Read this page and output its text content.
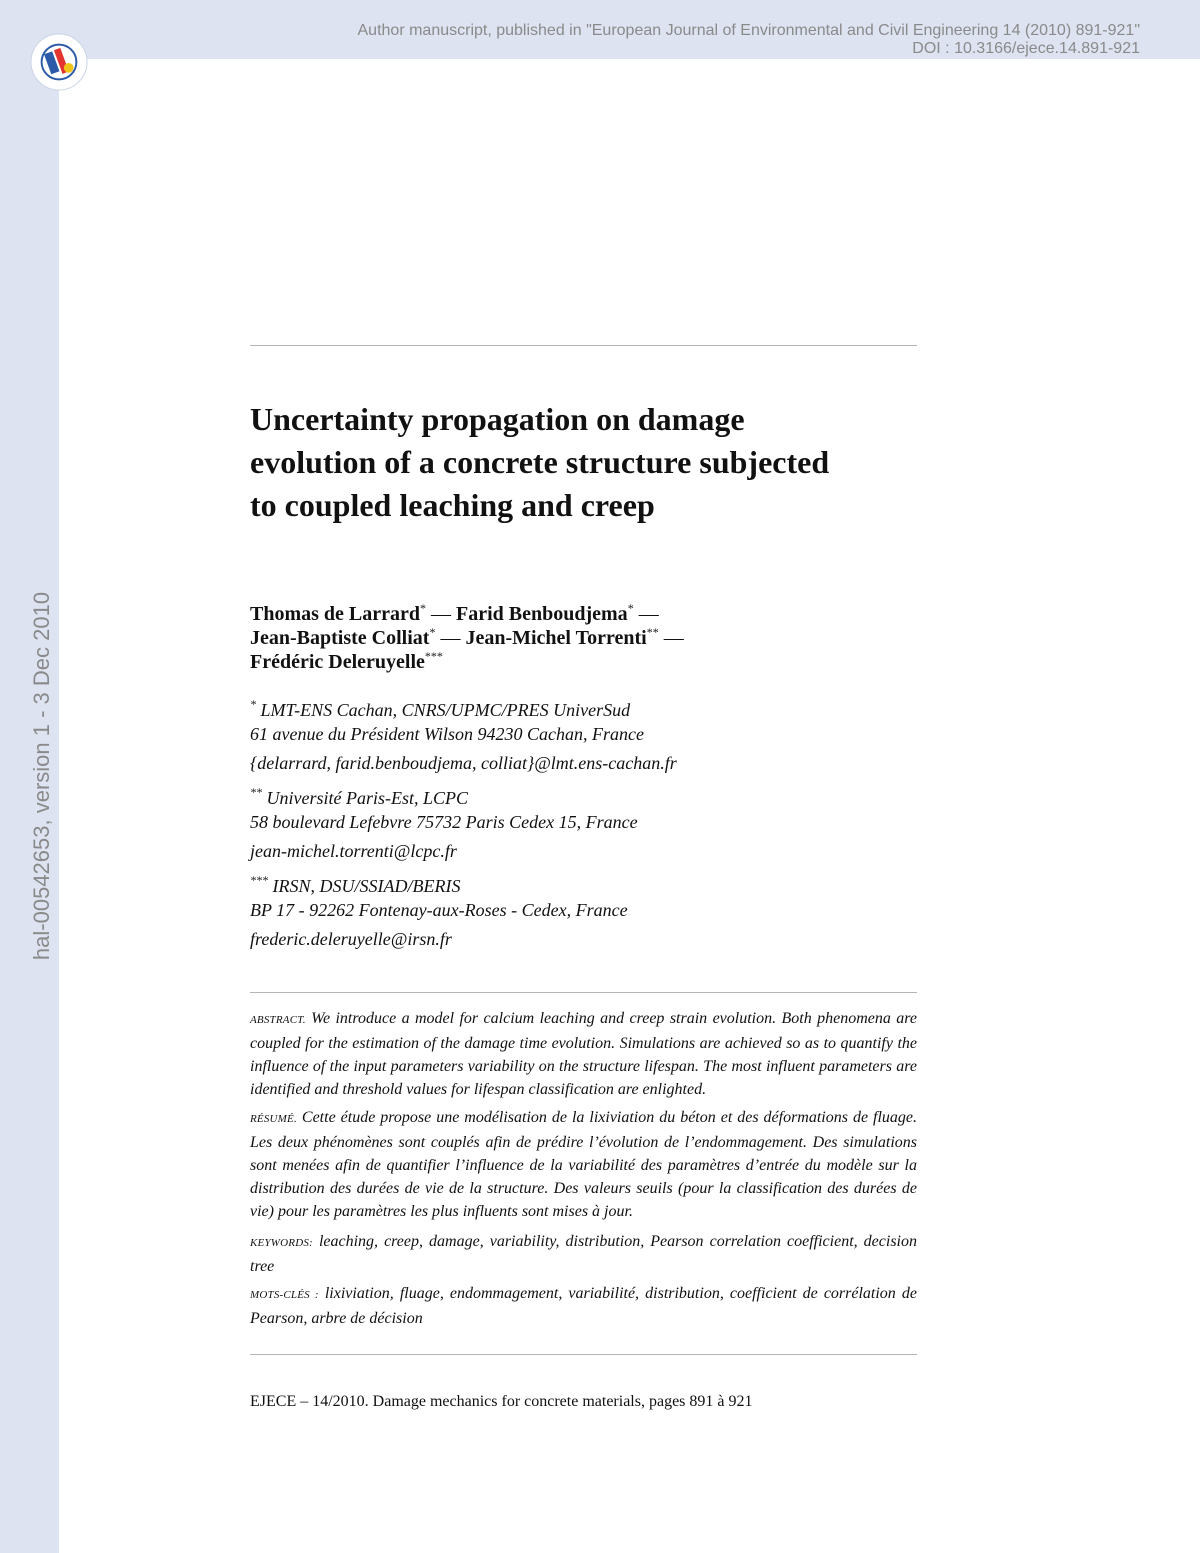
Author manuscript, published in "European Journal of Environmental and Civil Engineering 14 (2010) 891-921"
DOI : 10.3166/ejece.14.891-921
hal-00542653, version 1 - 3 Dec 2010
Uncertainty propagation on damage
evolution of a concrete structure subjected
to coupled leaching and creep
Thomas de Larrard* — Farid Benboudjema* —
Jean-Baptiste Colliat* — Jean-Michel Torrenti** —
Frédéric Deleruyelle***
* LMT-ENS Cachan, CNRS/UPMC/PRES UniverSud
61 avenue du Président Wilson 94230 Cachan, France
{delarrard, farid.benboudjema, colliat}@lmt.ens-cachan.fr
** Université Paris-Est, LCPC
58 boulevard Lefebvre 75732 Paris Cedex 15, France
jean-michel.torrenti@lcpc.fr
*** IRSN, DSU/SSIAD/BERIS
BP 17 - 92262 Fontenay-aux-Roses - Cedex, France
frederic.deleruyelle@irsn.fr
ABSTRACT. We introduce a model for calcium leaching and creep strain evolution. Both phenomena are coupled for the estimation of the damage time evolution. Simulations are achieved so as to quantify the influence of the input parameters variability on the structure lifespan. The most influent parameters are identified and threshold values for lifespan classification are enlighted.
RÉSUMÉ. Cette étude propose une modélisation de la lixiviation du béton et des déformations de fluage. Les deux phénomènes sont couplés afin de prédire l’évolution de l’endommagement. Des simulations sont menées afin de quantifier l’influence de la variabilité des paramètres d’entrée du modèle sur la distribution des durées de vie de la structure. Des valeurs seuils (pour la classification des durées de vie) pour les paramètres les plus influents sont mises à jour.
KEYWORDS: leaching, creep, damage, variability, distribution, Pearson correlation coefficient, decision tree
MOTS-CLÉS : lixiviation, fluage, endommagement, variabilité, distribution, coefficient de corrélation de Pearson, arbre de décision
EJECE – 14/2010. Damage mechanics for concrete materials, pages 891 à 921
